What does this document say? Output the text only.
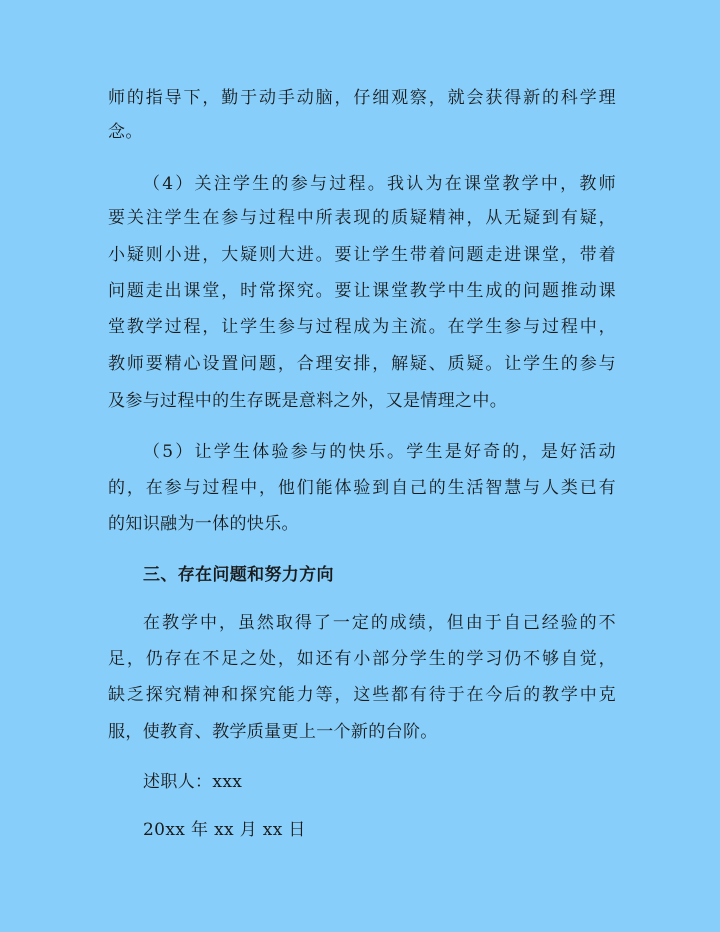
师的指导下，勤于动手动脑，仔细观察，就会获得新的科学理
念。
（4）关注学生的参与过程。我认为在课堂教学中，教师
要关注学生在参与过程中所表现的质疑精神，从无疑到有疑，
小疑则小进，大疑则大进。要让学生带着问题走进课堂，带着
问题走出课堂，时常探究。要让课堂教学中生成的问题推动课
堂教学过程，让学生参与过程成为主流。在学生参与过程中，
教师要精心设置问题，合理安排，解疑、质疑。让学生的参与
及参与过程中的生存既是意料之外，又是情理之中。
（5）让学生体验参与的快乐。学生是好奇的，是好活动
的，在参与过程中，他们能体验到自己的生活智慧与人类已有
的知识融为一体的快乐。
三、存在问题和努力方向
在教学中，虽然取得了一定的成绩，但由于自己经验的不
足，仍存在不足之处，如还有小部分学生的学习仍不够自觉，
缺乏探究精神和探究能力等，这些都有待于在今后的教学中克
服，使教育、教学质量更上一个新的台阶。
述职人：xxx
20xx 年 xx 月 xx 日
